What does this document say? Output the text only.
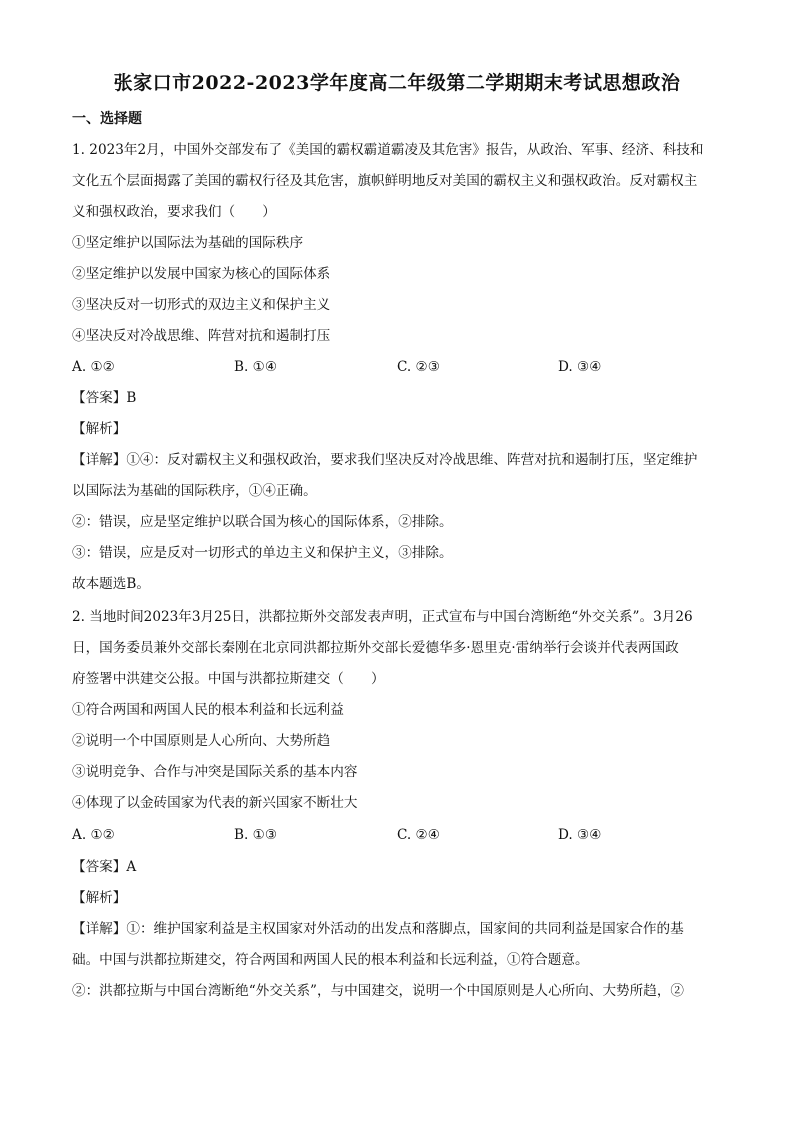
张家口市2022-2023学年度高二年级第二学期期末考试思想政治
一、选择题
1. 2023年2月，中国外交部发布了《美国的霸权霸道霸凌及其危害》报告，从政治、军事、经济、科技和
文化五个层面揭露了美国的霸权行径及其危害，旗帜鲜明地反对美国的霸权主义和强权政治。反对霸权主
义和强权政治，要求我们（　　）
①坚定维护以国际法为基础的国际秩序
②坚定维护以发展中国家为核心的国际体系
③坚决反对一切形式的双边主义和保护主义
④坚决反对冷战思维、阵营对抗和遏制打压
A. ①②	B. ①④	C. ②③	D. ③④
【答案】B
【解析】
【详解】①④：反对霸权主义和强权政治，要求我们坚决反对冷战思维、阵营对抗和遏制打压，坚定维护
以国际法为基础的国际秩序，①④正确。
②：错误，应是坚定维护以联合国为核心的国际体系，②排除。
③：错误，应是反对一切形式的单边主义和保护主义，③排除。
故本题选B。
2. 当地时间2023年3月25日，洪都拉斯外交部发表声明，正式宣布与中国台湾断绝“外交关系”。3月26
日，国务委员兼外交部长秦刚在北京同洪都拉斯外交部长爱德华多·恩里克·雷纳举行会谈并代表两国政
府签署中洪建交公报。中国与洪都拉斯建交（　　）
①符合两国和两国人民的根本利益和长远利益
②说明一个中国原则是人心所向、大势所趋
③说明竞争、合作与冲突是国际关系的基本内容
④体现了以金砖国家为代表的新兴国家不断壮大
A. ①②	B. ①③	C. ②④	D. ③④
【答案】A
【解析】
【详解】①：维护国家利益是主权国家对外活动的出发点和落脚点，国家间的共同利益是国家合作的基
础。中国与洪都拉斯建交，符合两国和两国人民的根本利益和长远利益，①符合题意。
②：洪都拉斯与中国台湾断绝“外交关系”，与中国建交，说明一个中国原则是人心所向、大势所趋，②
